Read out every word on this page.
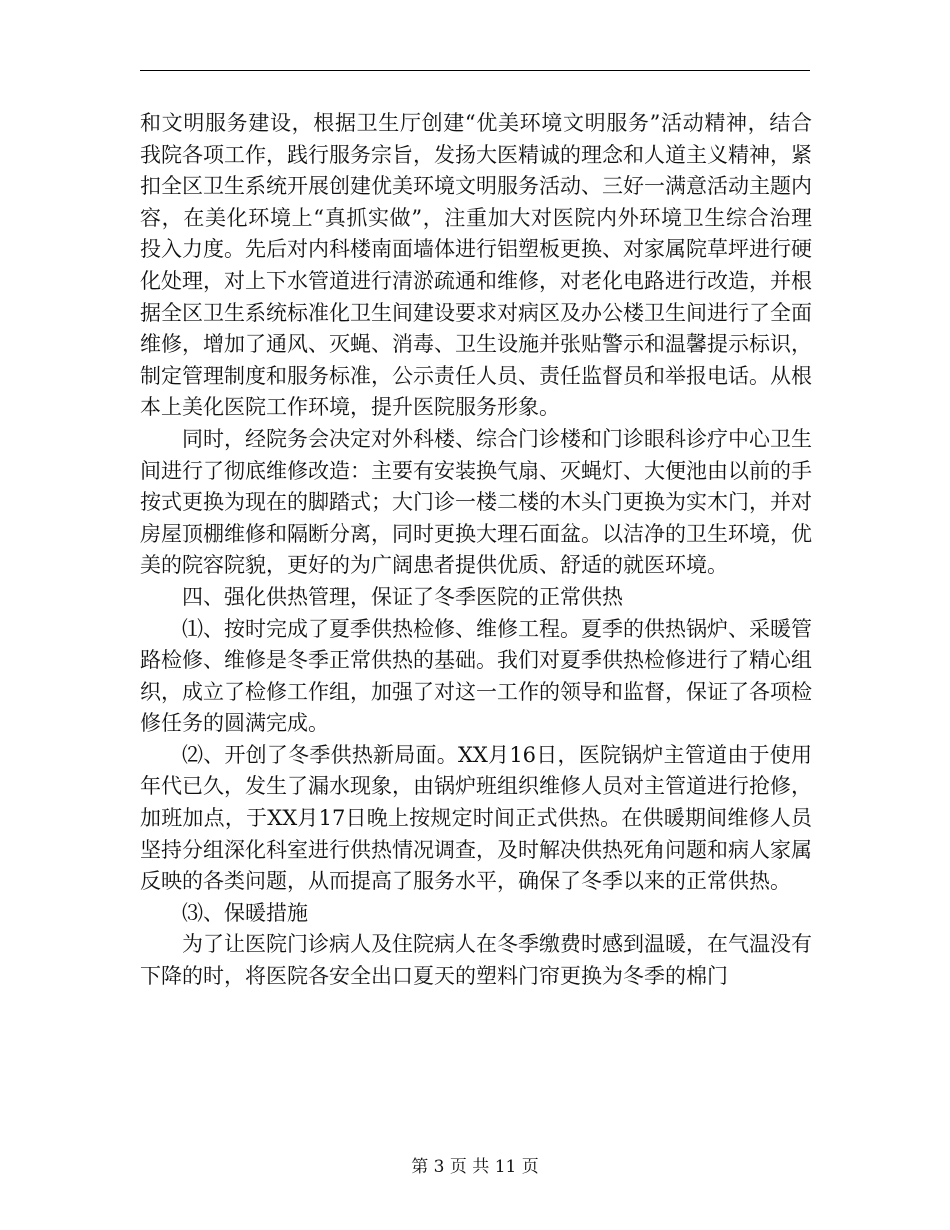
和文明服务建设，根据卫生厅创建“优美环境文明服务”活动精神，结合我院各项工作，践行服务宗旨，发扬大医精诚的理念和人道主义精神，紧扣全区卫生系统开展创建优美环境文明服务活动、三好一满意活动主题内容，在美化环境上“真抓实做”，注重加大对医院内外环境卫生综合治理投入力度。先后对内科楼南面墙体进行铝塑板更换、对家属院草坪进行硬化处理，对上下水管道进行清淤疏通和维修，对老化电路进行改造，并根据全区卫生系统标准化卫生间建设要求对病区及办公楼卫生间进行了全面维修，增加了通风、灭蝇、消毒、卫生设施并张贴警示和温馨提示标识，制定管理制度和服务标准，公示责任人员、责任监督员和举报电话。从根本上美化医院工作环境，提升医院服务形象。

同时，经院务会决定对外科楼、综合门诊楼和门诊眼科诊疗中心卫生间进行了彻底维修改造：主要有安装换气扇、灭蝇灯、大便池由以前的手按式更换为现在的脚踏式；大门诊一楼二楼的木头门更换为实木门，并对房屋顶棚维修和隔断分离，同时更换大理石面盆。以洁净的卫生环境，优美的院容院貌，更好的为广阔患者提供优质、舒适的就医环境。

四、强化供热管理，保证了冬季医院的正常供热

⑴、按时完成了夏季供热检修、维修工程。夏季的供热锅炉、采暖管路检修、维修是冬季正常供热的基础。我们对夏季供热检修进行了精心组织，成立了检修工作组，加强了对这一工作的领导和监督，保证了各项检修任务的圆满完成。

⑵、开创了冬季供热新局面。XX月16日，医院锅炉主管道由于使用年代已久，发生了漏水现象，由锅炉班组织维修人员对主管道进行抢修，加班加点，于XX月17日晚上按规定时间正式供热。在供暖期间维修人员坚持分组深化科室进行供热情况调查，及时解决供热死角问题和病人家属反映的各类问题，从而提高了服务水平，确保了冬季以来的正常供热。

⑶、保暖措施

为了让医院门诊病人及住院病人在冬季缴费时感到温暖，在气温没有下降的时，将医院各安全出口夏天的塑料门帘更换为冬季的棉门

第 3 页 共 11 页
